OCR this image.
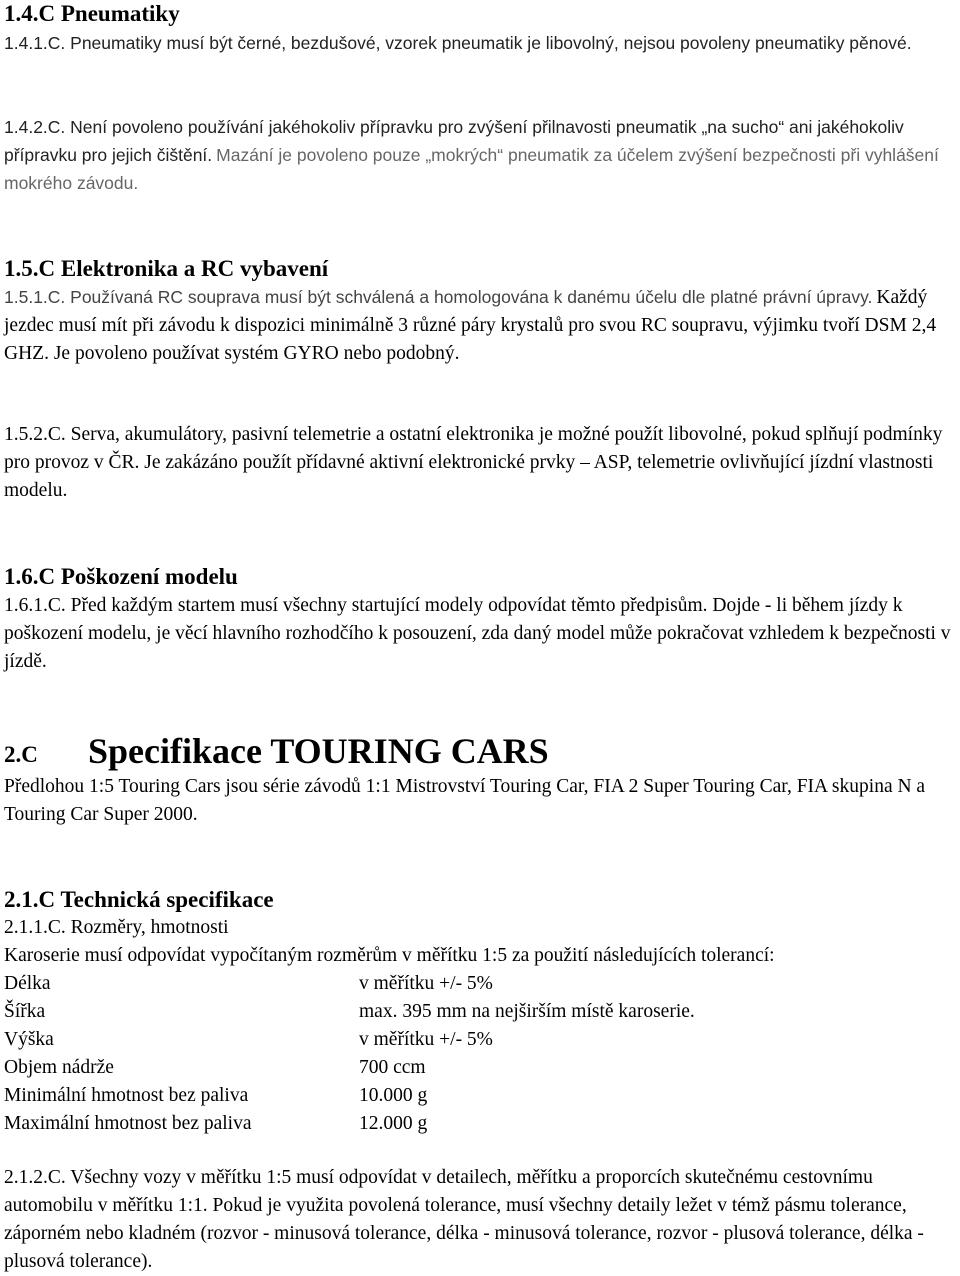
1.4.C Pneumatiky

1.4.1.C. Pneumatiky musí být černé, bezdušové, vzorek pneumatik je libovolný, nejsou povoleny pneumatiky pěnové.

1.4.2.C. Není povoleno používání jakéhokoliv přípravku pro zvýšení přilnavosti pneumatik „na sucho“ ani jakéhokoliv přípravku pro jejich čištění. Mazání je povoleno pouze „mokrých“ pneumatik za účelem zvýšení bezpečnosti při vyhlášení mokrého závodu.

1.5.C Elektronika a RC vybavení

1.5.1.C. Používaná RC souprava musí být schválená a homologována k danému účelu dle platné právní úpravy. Každý jezdec musí mít při závodu k dispozici minimálně 3 různé páry krystalů pro svou RC soupravu, výjimku tvoří DSM 2,4 GHZ. Je povoleno používat systém GYRO nebo podobný.

1.5.2.C. Serva, akumulátory, pasivní telemetrie a ostatní elektronika je možné použít libovolné, pokud splňují podmínky pro provoz v ČR. Je zakázáno použít přídavné aktivní elektronické prvky – ASP, telemetrie ovlivňující jízdní vlastnosti modelu.

1.6.C Poškození modelu

1.6.1.C. Před každým startem musí všechny startující modely odpovídat těmto předpisům. Dojde - li během jízdy k poškození modelu, je věcí hlavního rozhodčího k posouzení, zda daný model může pokračovat vzhledem k bezpečnosti v jízdě.

2.C Specifikace TOURING CARS

Předlohou 1:5 Touring Cars jsou série závodů 1:1 Mistrovství Touring Car, FIA 2 Super Touring Car, FIA skupina N a Touring Car Super 2000.

2.1.C Technická specifikace
2.1.1.C. Rozměry, hmotnosti

Karoserie musí odpovídat vypočítaným rozměrům v měřítku 1:5 za použití následujících tolerancí:

Délka	v měřítku +/- 5%
Šířka	max. 395 mm na nejširším místě karoserie.
Výška	v měřítku +/- 5%
Objem nádrže	700 ccm
Minimální hmotnost bez paliva	10.000 g
Maximální hmotnost bez paliva	12.000 g

2.1.2.C. Všechny vozy v měřítku 1:5 musí odpovídat v detailech, měřítku a proporcích skutečnému cestovnímu automobilu v měřítku 1:1. Pokud je využita povolená tolerance, musí všechny detaily ležet v témž pásmu tolerance, záporném nebo kladném (rozvor - minusová tolerance, délka - minusová tolerance, rozvor - plusová tolerance, délka - plusová tolerance).
